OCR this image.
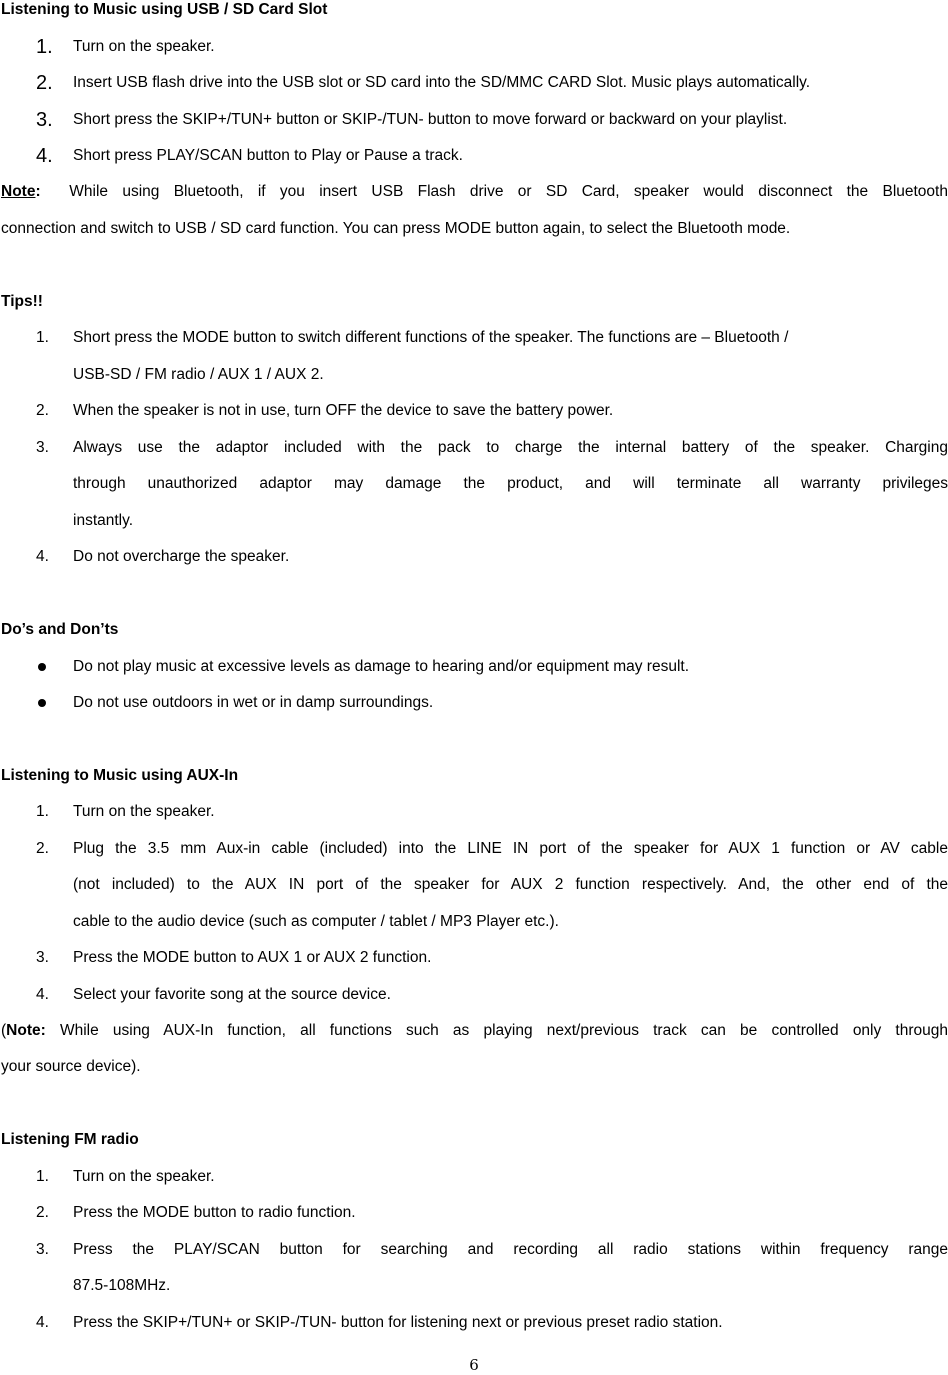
Listening to Music using USB / SD Card Slot
1.	Turn on the speaker.
2.	Insert USB flash drive into the USB slot or SD card into the SD/MMC CARD Slot. Music plays automatically.
3.	Short press the SKIP+/TUN+ button or SKIP-/TUN- button to move forward or backward on your playlist.
4.	Short press PLAY/SCAN button to Play or Pause a track.
Note: While using Bluetooth, if you insert USB Flash drive or SD Card, speaker would disconnect the Bluetooth
connection and switch to USB / SD card function. You can press MODE button again, to select the Bluetooth mode.
Tips!!
1.	Short press the MODE button to switch different functions of the speaker. The functions are – Bluetooth /
USB-SD / FM radio / AUX 1 / AUX 2.
2.	When the speaker is not in use, turn OFF the device to save the battery power.
3.	Always use the adaptor included with the pack to charge the internal battery of the speaker. Charging
through unauthorized adaptor may damage the product, and will terminate all warranty privileges
instantly.
4.	Do not overcharge the speaker.
Do’s and Don’ts
Do not play music at excessive levels as damage to hearing and/or equipment may result.
Do not use outdoors in wet or in damp surroundings.
Listening to Music using AUX-In
1.	Turn on the speaker.
2.	Plug the 3.5 mm Aux-in cable (included) into the LINE IN port of the speaker for AUX 1 function or AV cable
(not included) to the AUX IN port of the speaker for AUX 2 function respectively. And, the other end of the
cable to the audio device (such as computer / tablet / MP3 Player etc.).
3.	Press the MODE button to AUX 1 or AUX 2 function.
4.	Select your favorite song at the source device.
(Note: While using AUX-In function, all functions such as playing next/previous track can be controlled only through
your source device).
Listening FM radio
1.	Turn on the speaker.
2.	Press the MODE button to radio function.
3.	Press the PLAY/SCAN button for searching and recording all radio stations within frequency range
87.5-108MHz.
4.	Press the SKIP+/TUN+ or SKIP-/TUN- button for listening next or previous preset radio station.
6
